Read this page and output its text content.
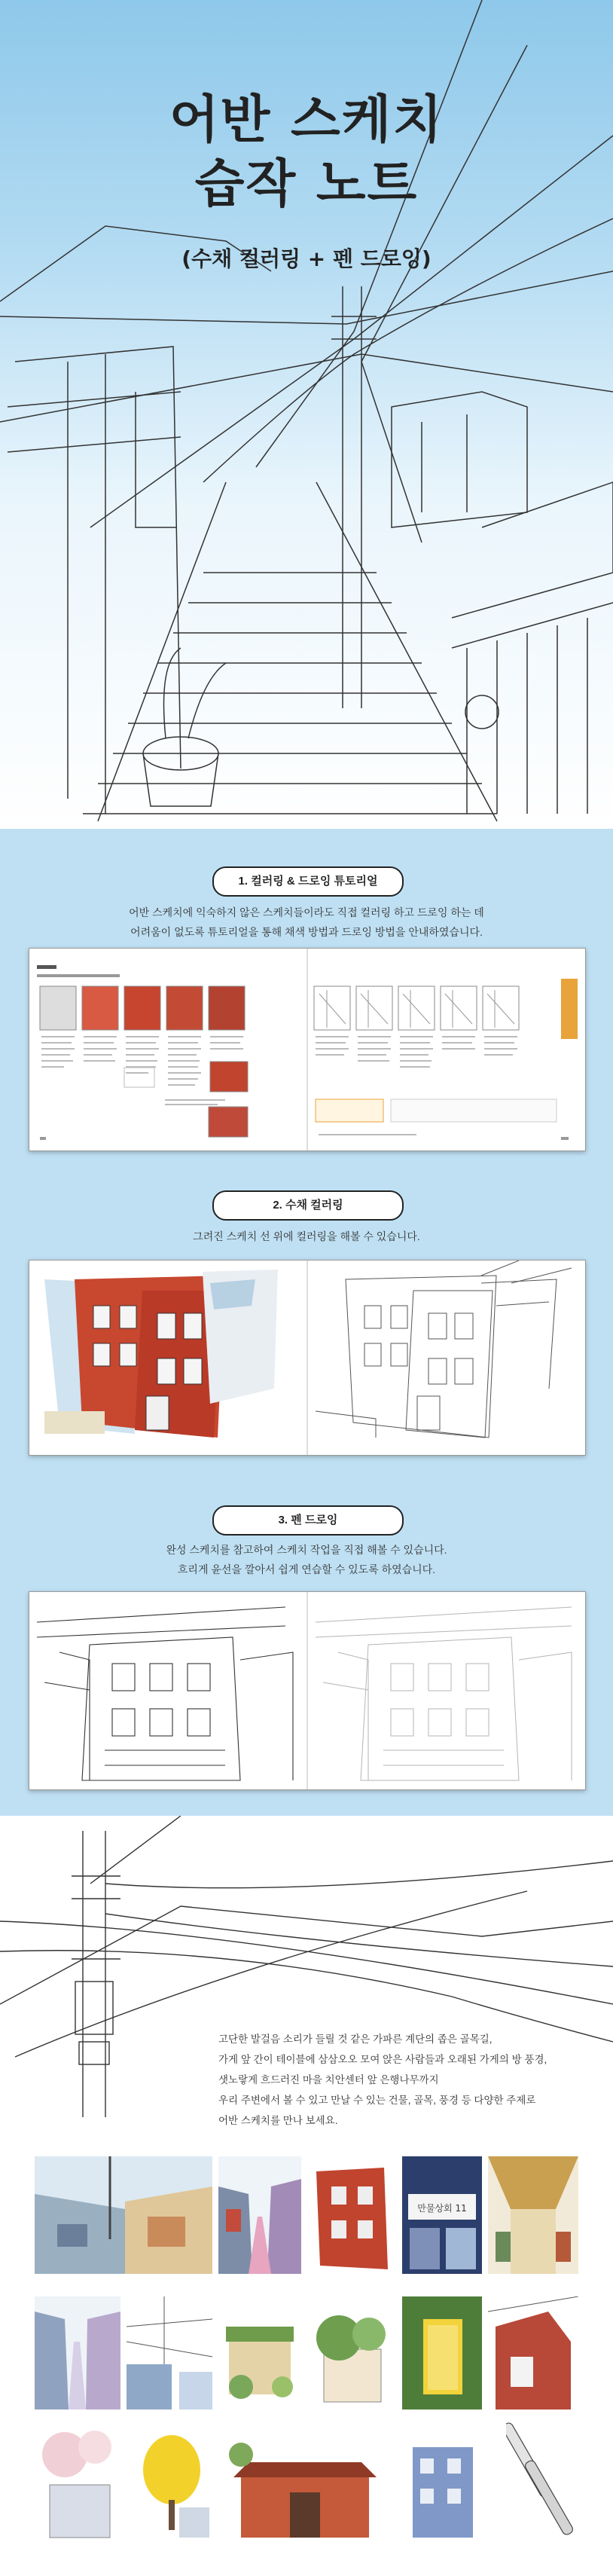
어반 스케치
습작 노트
(수채 컬러링 + 펜 드로잉)
1. 컬러링 & 드로잉 튜토리얼
어반 스케치에 익숙하지 않은 스케치들이라도 직접 컬러링 하고 드로잉 하는 데
어려움이 없도록 튜토리얼을 통해 채색 방법과 드로잉 방법을 안내하였습니다.
2. 수채 컬러링
그려진 스케치 선 위에 컬러링을 해볼 수 있습니다.
3. 펜 드로잉
완성 스케치를 참고하여 스케치 작업을 직접 해볼 수 있습니다.
흐리게 윤선을 깔아서 쉽게 연습할 수 있도록 하였습니다.

고단한 발걸음 소리가 들릴 것 같은 가파른 계단의 좁은 골목길,

가게 앞 간이 테이블에 삼삼오오 모여 앉은 사람들과 오래된 가게의 방 풍경,

샛노랗게 흐드러진 마을 치안센터 앞 은행나무까지

우리 주변에서 볼 수 있고 만날 수 있는 건물, 골목, 풍경 등 다양한 주제로

어반 스케치를 만나 보세요.

만물상회 11
